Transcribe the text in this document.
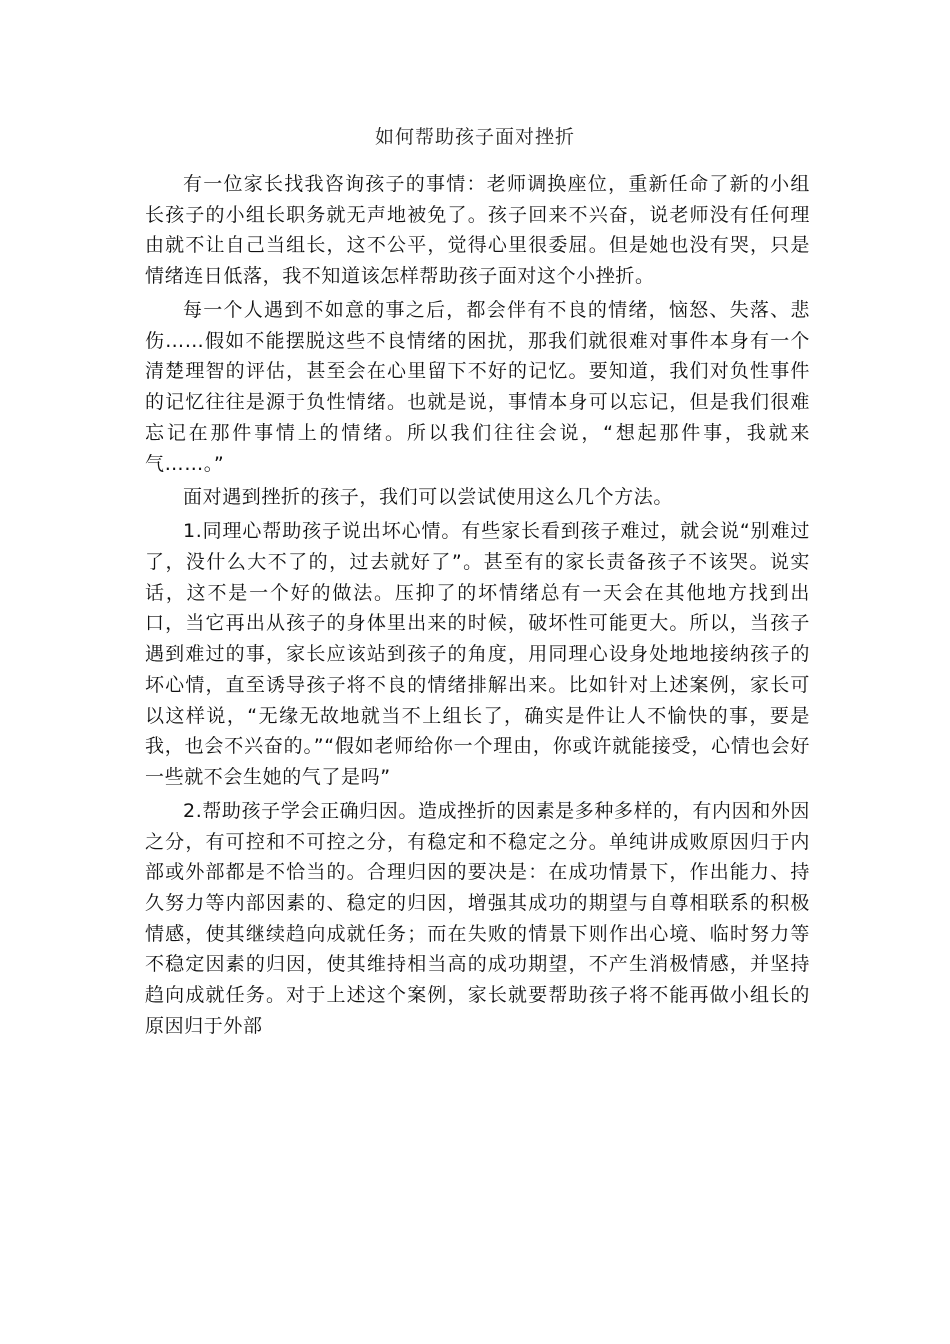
如何帮助孩子面对挫折

有一位家长找我咨询孩子的事情：老师调换座位，重新任命了新的小组长孩子的小组长职务就无声地被免了。孩子回来不兴奋，说老师没有任何理由就不让自己当组长，这不公平，觉得心里很委屈。但是她也没有哭，只是情绪连日低落，我不知道该怎样帮助孩子面对这个小挫折。

每一个人遇到不如意的事之后，都会伴有不良的情绪，恼怒、失落、悲伤……假如不能摆脱这些不良情绪的困扰，那我们就很难对事件本身有一个清楚理智的评估，甚至会在心里留下不好的记忆。要知道，我们对负性事件的记忆往往是源于负性情绪。也就是说，事情本身可以忘记，但是我们很难忘记在那件事情上的情绪。所以我们往往会说，“想起那件事，我就来气……。”

面对遇到挫折的孩子，我们可以尝试使用这么几个方法。

1.同理心帮助孩子说出坏心情。有些家长看到孩子难过，就会说“别难过了，没什么大不了的，过去就好了”。甚至有的家长责备孩子不该哭。说实话，这不是一个好的做法。压抑了的坏情绪总有一天会在其他地方找到出口，当它再出从孩子的身体里出来的时候，破坏性可能更大。所以，当孩子遇到难过的事，家长应该站到孩子的角度，用同理心设身处地地接纳孩子的坏心情，直至诱导孩子将不良的情绪排解出来。比如针对上述案例，家长可以这样说，“无缘无故地就当不上组长了，确实是件让人不愉快的事，要是我，也会不兴奋的。”“假如老师给你一个理由，你或许就能接受，心情也会好一些就不会生她的气了是吗”

2.帮助孩子学会正确归因。造成挫折的因素是多种多样的，有内因和外因之分，有可控和不可控之分，有稳定和不稳定之分。单纯讲成败原因归于内部或外部都是不恰当的。合理归因的要决是：在成功情景下，作出能力、持久努力等内部因素的、稳定的归因，增强其成功的期望与自尊相联系的积极情感，使其继续趋向成就任务；而在失败的情景下则作出心境、临时努力等不稳定因素的归因，使其维持相当高的成功期望，不产生消极情感，并坚持趋向成就任务。对于上述这个案例，家长就要帮助孩子将不能再做小组长的原因归于外部
